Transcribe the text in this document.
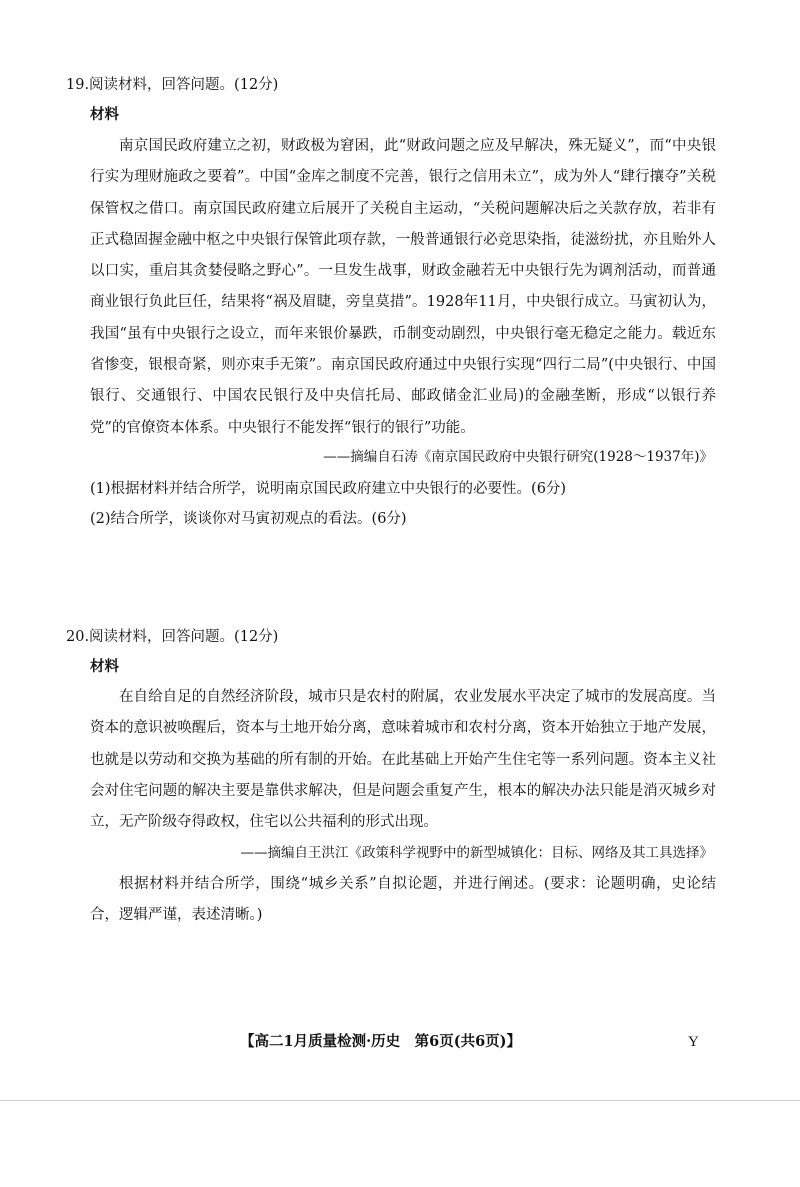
19.阅读材料，回答问题。(12分)
材料

南京国民政府建立之初，财政极为窘困，此“财政问题之应及早解决，殊无疑义”，而“中央银行实为理财施政之要着”。中国“金库之制度不完善，银行之信用未立”，成为外人“肆行攘夺”关税保管权之借口。南京国民政府建立后展开了关税自主运动，“关税问题解决后之关款存放，若非有正式稳固握金融中枢之中央银行保管此项存款，一般普通银行必竞思染指，徒滋纷扰，亦且贻外人以口实，重启其贪婪侵略之野心”。一旦发生战事，财政金融若无中央银行先为调剂活动，而普通商业银行负此巨任，结果将“祸及眉睫，旁皇莫措”。1928年11月，中央银行成立。马寅初认为，我国“虽有中央银行之设立，而年来银价暴跌，币制变动剧烈，中央银行毫无稳定之能力。载近东省惨变，银根奇紧，则亦束手无策”。南京国民政府通过中央银行实现“四行二局”(中央银行、中国银行、交通银行、中国农民银行及中央信托局、邮政储金汇业局)的金融垄断，形成“以银行养党”的官僚资本体系。中央银行不能发挥“银行的银行”功能。

——摘编自石涛《南京国民政府中央银行研究(1928～1937年)》
(1)根据材料并结合所学，说明南京国民政府建立中央银行的必要性。(6分)
(2)结合所学，谈谈你对马寅初观点的看法。(6分)
20.阅读材料，回答问题。(12分)
材料

在自给自足的自然经济阶段，城市只是农村的附属，农业发展水平决定了城市的发展高度。当资本的意识被唤醒后，资本与土地开始分离，意味着城市和农村分离，资本开始独立于地产发展，也就是以劳动和交换为基础的所有制的开始。在此基础上开始产生住宅等一系列问题。资本主义社会对住宅问题的解决主要是靠供求解决，但是问题会重复产生，根本的解决办法只能是消灭城乡对立，无产阶级夺得政权，住宅以公共福利的形式出现。

——摘编自王洪江《政策科学视野中的新型城镇化：目标、网络及其工具选择》

根据材料并结合所学，围绕“城乡关系”自拟论题，并进行阐述。(要求：论题明确，史论结合，逻辑严谨，表述清晰。)

【高二1月质量检测·历史　第6页(共6页)】	Y
